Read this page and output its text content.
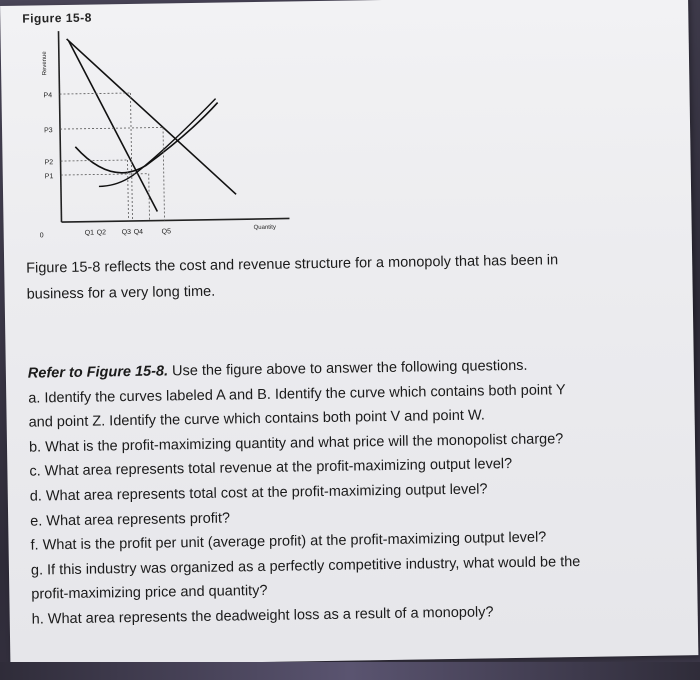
Figure 15-8
Revenue
P4
P3
P2
P1
0	Q1 Q2 Q3 Q4	Q5
Quantity
Figure 15-8 reflects the cost and revenue structure for a monopoly that has been in
business for a very long time.

Refer to Figure 15-8. Use the figure above to answer the following questions.

a. Identify the curves labeled A and B. Identify the curve which contains both point Y

and point Z. Identify the curve which contains both point V and point W.

b. What is the profit-maximizing quantity and what price will the monopolist charge?

c. What area represents total revenue at the profit-maximizing output level?

d. What area represents total cost at the profit-maximizing output level?

e. What area represents profit?

f. What is the profit per unit (average profit) at the profit-maximizing output level?

g. If this industry was organized as a perfectly competitive industry, what would be the

profit-maximizing price and quantity?

h. What area represents the deadweight loss as a result of a monopoly?
